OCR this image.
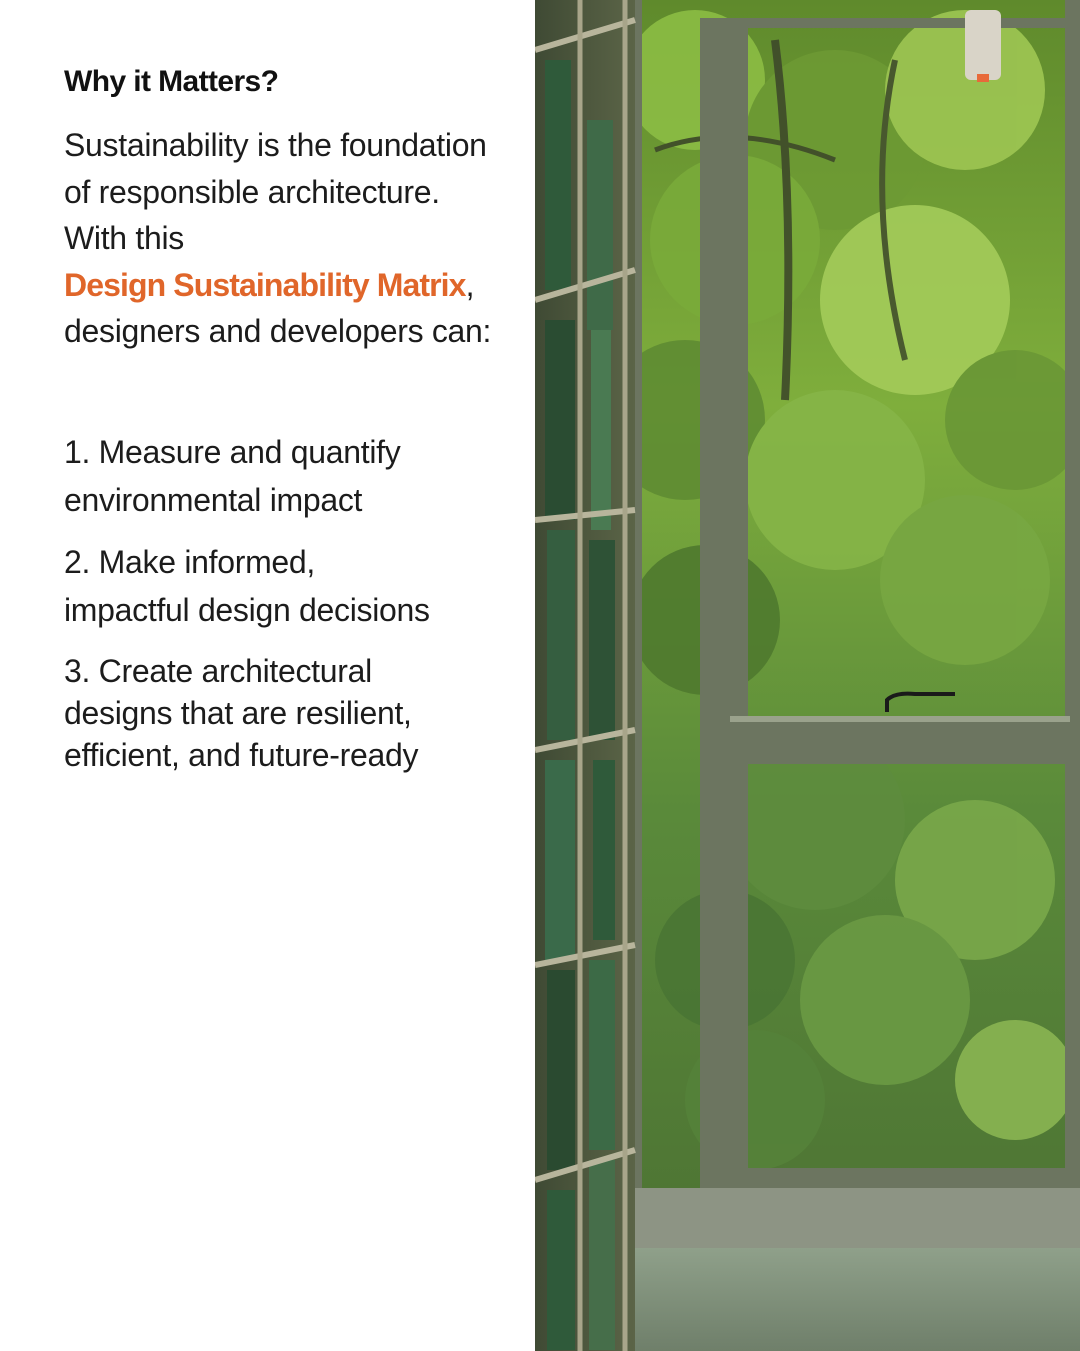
Why it Matters?

Sustainability is the foundation
of responsible architecture.
With this
Design Sustainability Matrix,
designers and developers can:

1. Measure and quantify
environmental impact
2. Make informed,
impactful design decisions
3. Create architectural
designs that are resilient,
efficient, and future-ready
